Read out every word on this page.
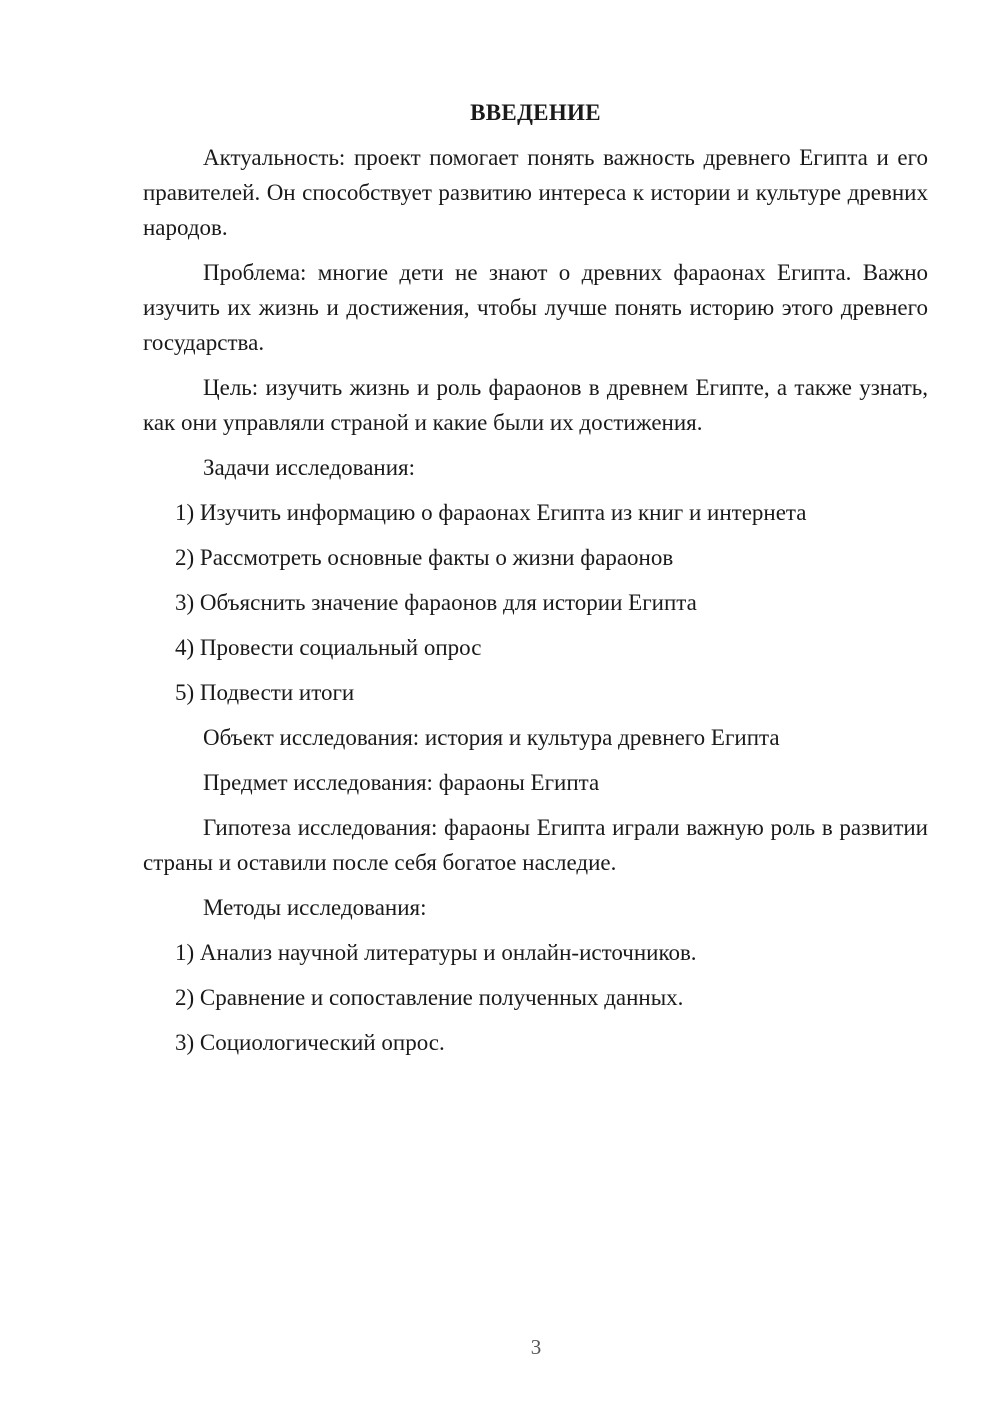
ВВЕДЕНИЕ

Актуальность: проект помогает понять важность древнего Египта и его правителей. Он способствует развитию интереса к истории и культуре древних народов.

Проблема: многие дети не знают о древних фараонах Египта. Важно изучить их жизнь и достижения, чтобы лучше понять историю этого древнего государства.

Цель: изучить жизнь и роль фараонов в древнем Египте, а также узнать, как они управляли страной и какие были их достижения.

Задачи исследования:

1) Изучить информацию о фараонах Египта из книг и интернета

2) Рассмотреть основные факты о жизни фараонов

3) Объяснить значение фараонов для истории Египта

4) Провести социальный опрос

5) Подвести итоги

Объект исследования: история и культура древнего Египта

Предмет исследования: фараоны Египта

Гипотеза исследования: фараоны Египта играли важную роль в развитии страны и оставили после себя богатое наследие.

Методы исследования:

1) Анализ научной литературы и онлайн-источников.

2) Сравнение и сопоставление полученных данных.

3) Социологический опрос.

3
